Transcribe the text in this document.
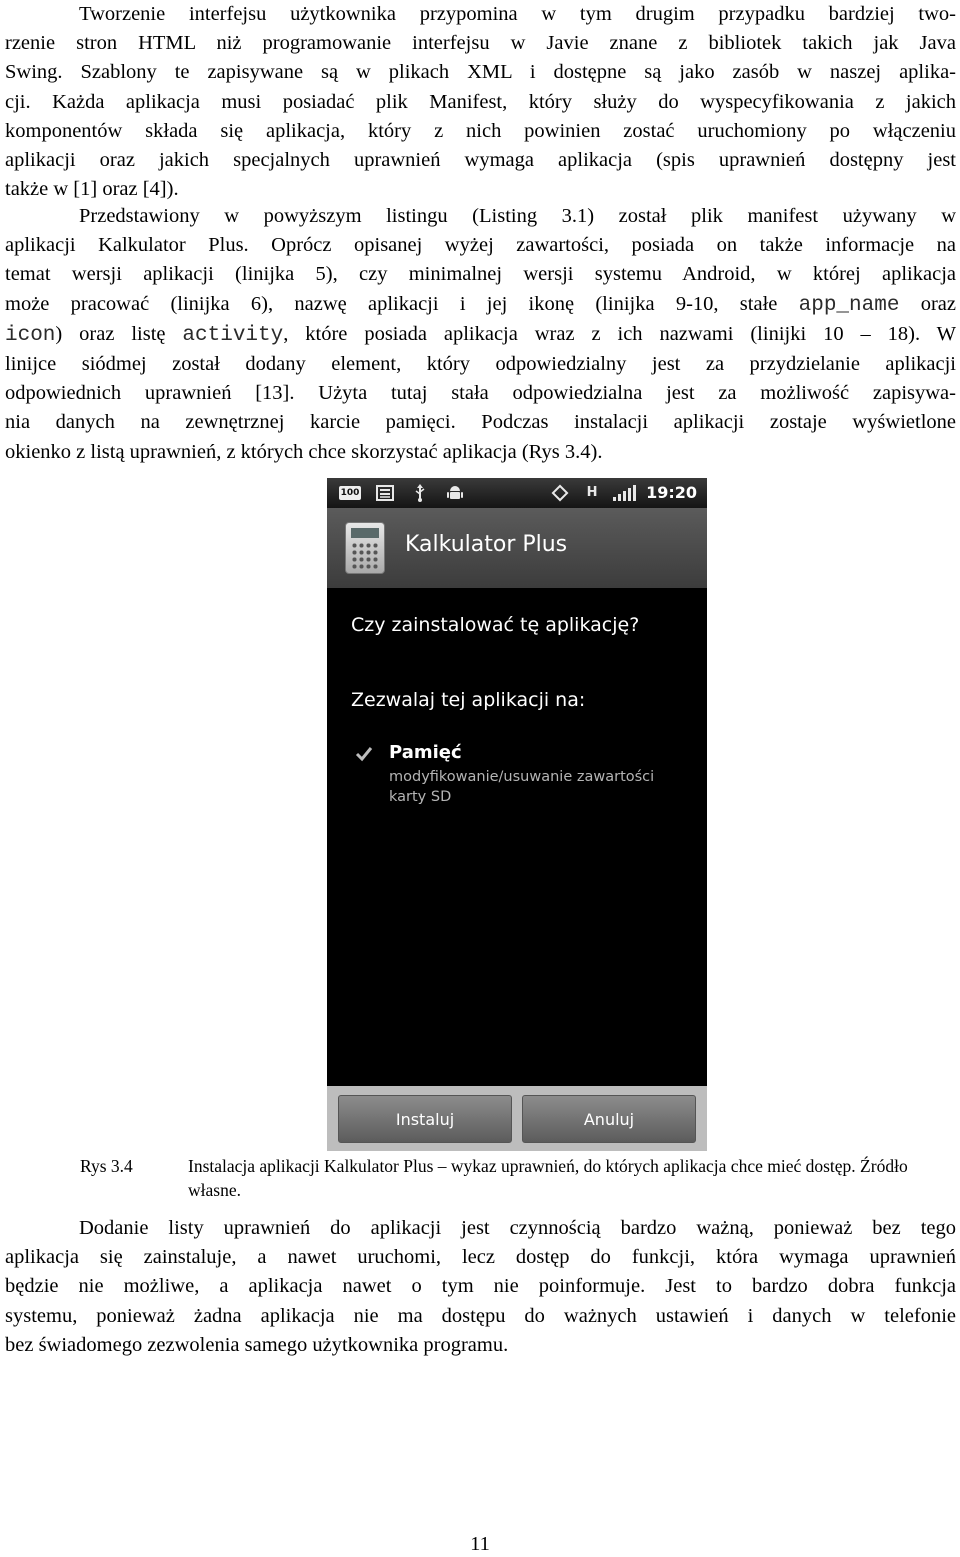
Tworzenie interfejsu użytkownika przypomina w tym drugim przypadku bardziej two-
rzenie stron HTML niż programowanie interfejsu w Javie znane z bibliotek takich jak Java
Swing. Szablony te zapisywane są w plikach XML i dostępne są jako zasób w naszej aplika-
cji. Każda aplikacja musi posiadać plik Manifest, który służy do wyspecyfikowania z jakich
komponentów składa się aplikacja, który z nich powinien zostać uruchomiony po włączeniu
aplikacji oraz jakich specjalnych uprawnień wymaga aplikacja (spis uprawnień dostępny jest
także w [1] oraz [4]).
Przedstawiony w powyższym listingu (Listing 3.1) został plik manifest używany w
aplikacji Kalkulator Plus. Oprócz opisanej wyżej zawartości, posiada on także informacje na
temat wersji aplikacji (linijka 5), czy minimalnej wersji systemu Android, w której aplikacja
może pracować (linijka 6), nazwę aplikacji i jej ikonę (linijka 9-10, stałe app_name oraz
icon) oraz listę activity, które posiada aplikacja wraz z ich nazwami (linijki 10 – 18). W
linijce siódmej został dodany element, który odpowiedzialny jest za przydzielanie aplikacji
odpowiednich uprawnień [13]. Użyta tutaj stała odpowiedzialna jest za możliwość zapisywa-
nia danych na zewnętrznej karcie pamięci. Podczas instalacji aplikacji zostaje wyświetlone
okienko z listą uprawnień, z których chce skorzystać aplikacja (Rys 3.4).
100	H	19:20
Kalkulator Plus
Czy zainstalować tę aplikację?
Zezwalaj tej aplikacji na:
Pamięć
modyfikowanie/usuwanie zawartości karty SD
Instaluj	Anuluj
Rys 3.4	Instalacja aplikacji Kalkulator Plus – wykaz uprawnień, do których aplikacja chce mieć dostęp. Źródło własne.
Dodanie listy uprawnień do aplikacji jest czynnością bardzo ważną, ponieważ bez tego
aplikacja się zainstaluje, a nawet uruchomi, lecz dostęp do funkcji, która wymaga uprawnień
będzie nie możliwe, a aplikacja nawet o tym nie poinformuje. Jest to bardzo dobra funkcja
systemu, ponieważ żadna aplikacja nie ma dostępu do ważnych ustawień i danych w telefonie
bez świadomego zezwolenia samego użytkownika programu.
11
